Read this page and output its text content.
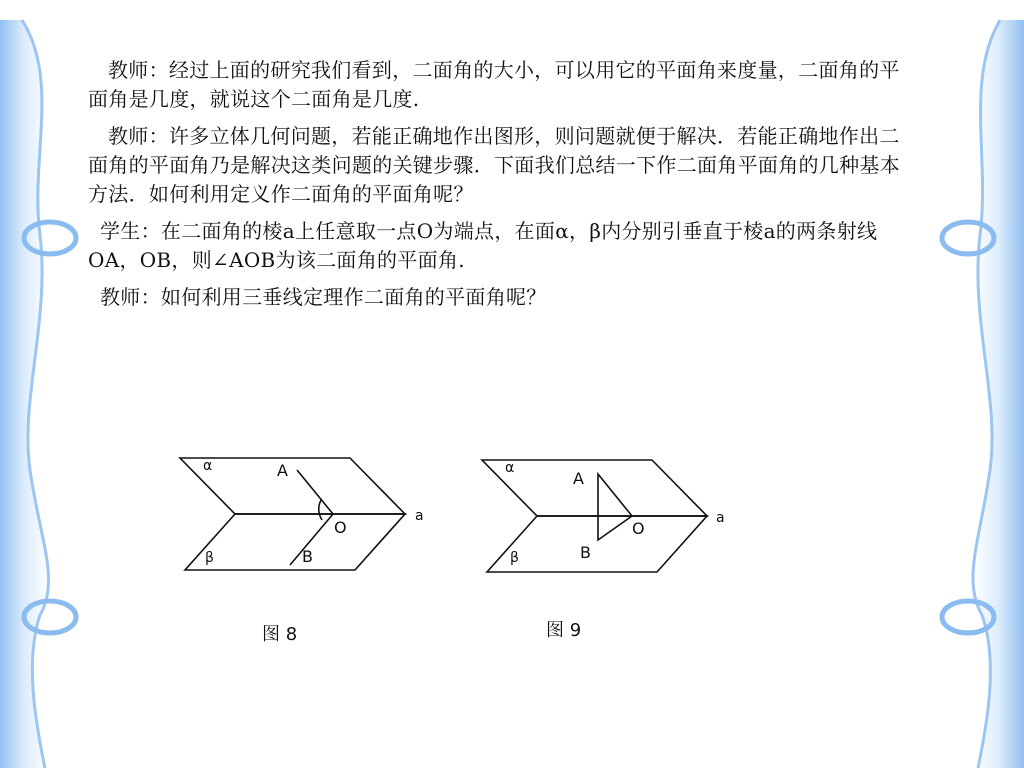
教师：经过上面的研究我们看到，二面角的大小，可以用它的平面角来度量，二面角的平面角是几度，就说这个二面角是几度.

教师：许多立体几何问题，若能正确地作出图形，则问题就便于解决．若能正确地作出二面角的平面角乃是解决这类问题的关键步骤．下面我们总结一下作二面角平面角的几种基本方法．如何利用定义作二面角的平面角呢？

学生：在二面角的棱a上任意取一点O为端点，在面α，β内分别引垂直于棱a的两条射线OA，OB，则∠AOB为该二面角的平面角.

教师：如何利用三垂线定理作二面角的平面角呢？

α	A
O
a
β	B
图 8
α
A
O
a
β	B
图 9
